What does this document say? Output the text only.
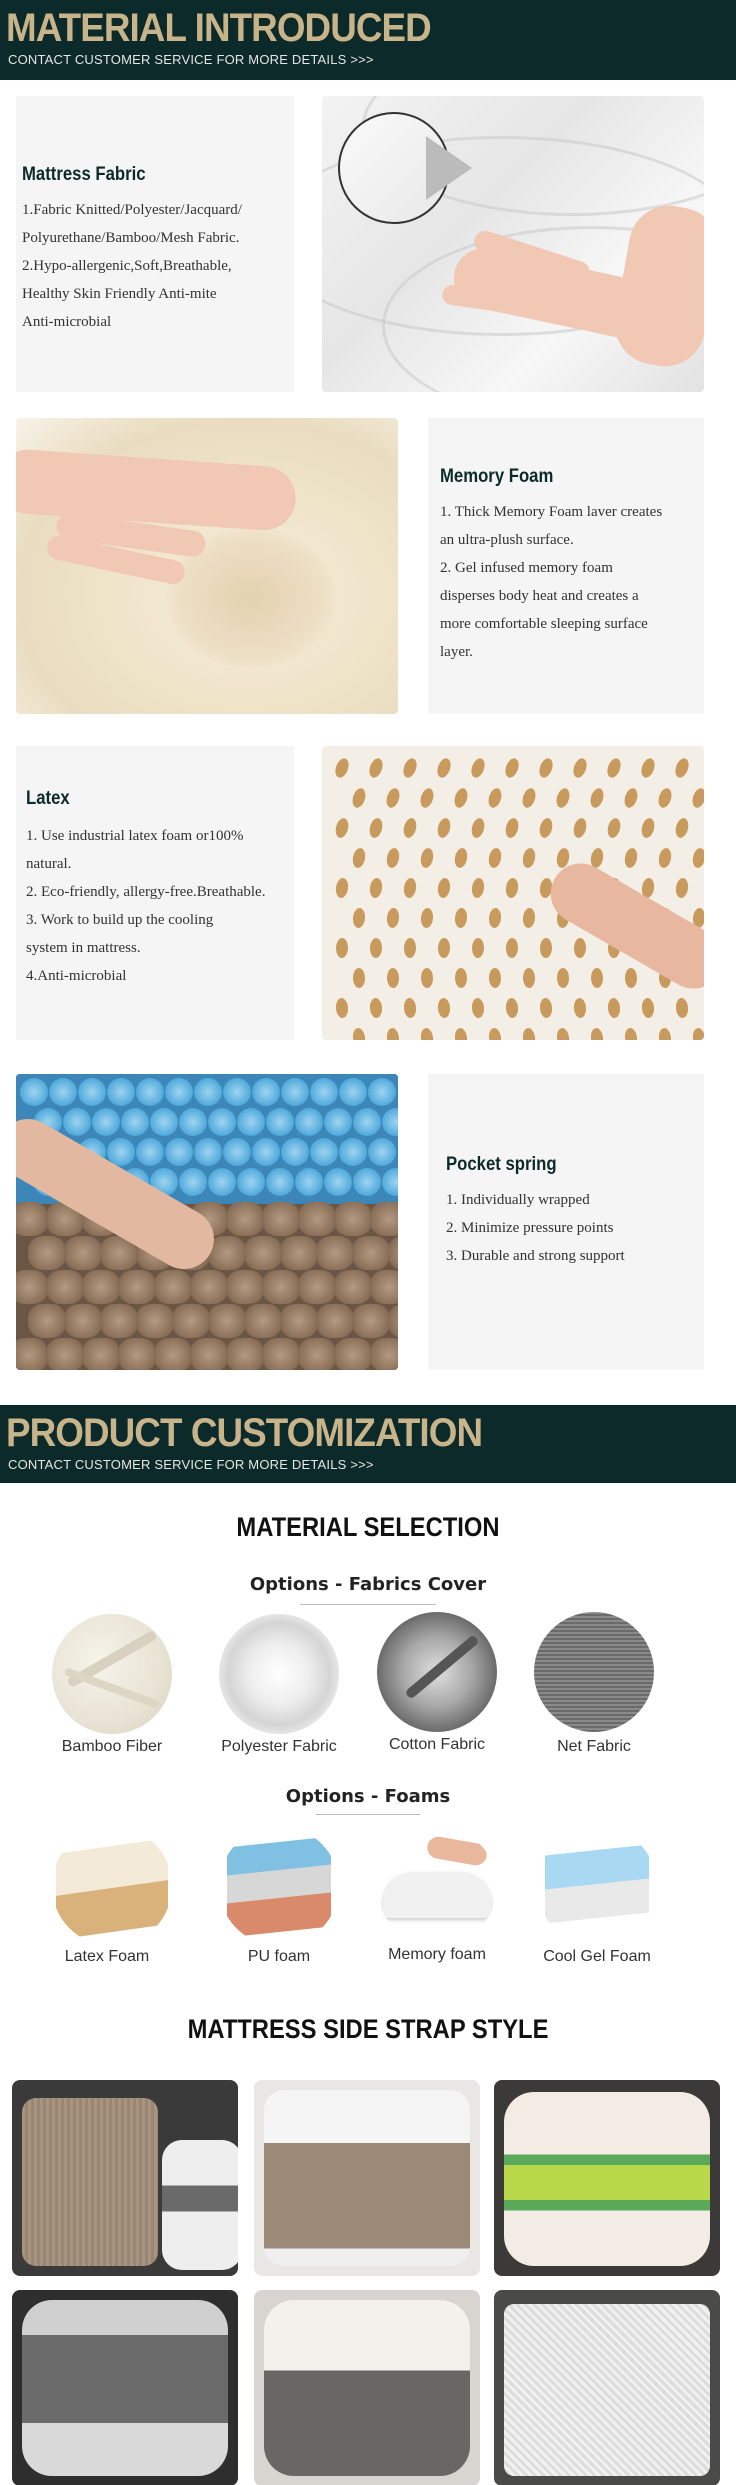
MATERIAL INTRODUCED
CONTACT CUSTOMER SERVICE FOR MORE DETAILS >>>
Mattress Fabric
1.Fabric Knitted/Polyester/Jacquard/
Polyurethane/Bamboo/Mesh Fabric.
2.Hypo-allergenic,Soft,Breathable,
Healthy Skin Friendly Anti-mite
Anti-microbial
Memory Foam
1. Thick Memory Foam laver creates
an ultra-plush surface.
2. Gel infused memory foam
disperses body heat and creates a
more comfortable sleeping surface
layer.
Latex
1. Use industrial latex foam or100%
natural.
2. Eco-friendly, allergy-free.Breathable.
3. Work to build up the cooling
system in mattress.
4.Anti-microbial
Pocket spring
1. Individually wrapped
2. Minimize pressure points
3. Durable and strong support
PRODUCT CUSTOMIZATION
CONTACT CUSTOMER SERVICE FOR MORE DETAILS >>>
MATERIAL SELECTION
Options - Fabrics Cover
Bamboo Fiber	Polyester Fabric	Cotton Fabric	Net Fabric
Options - Foams
Latex Foam	PU foam	Memory foam	Cool Gel Foam
MATTRESS SIDE STRAP STYLE
